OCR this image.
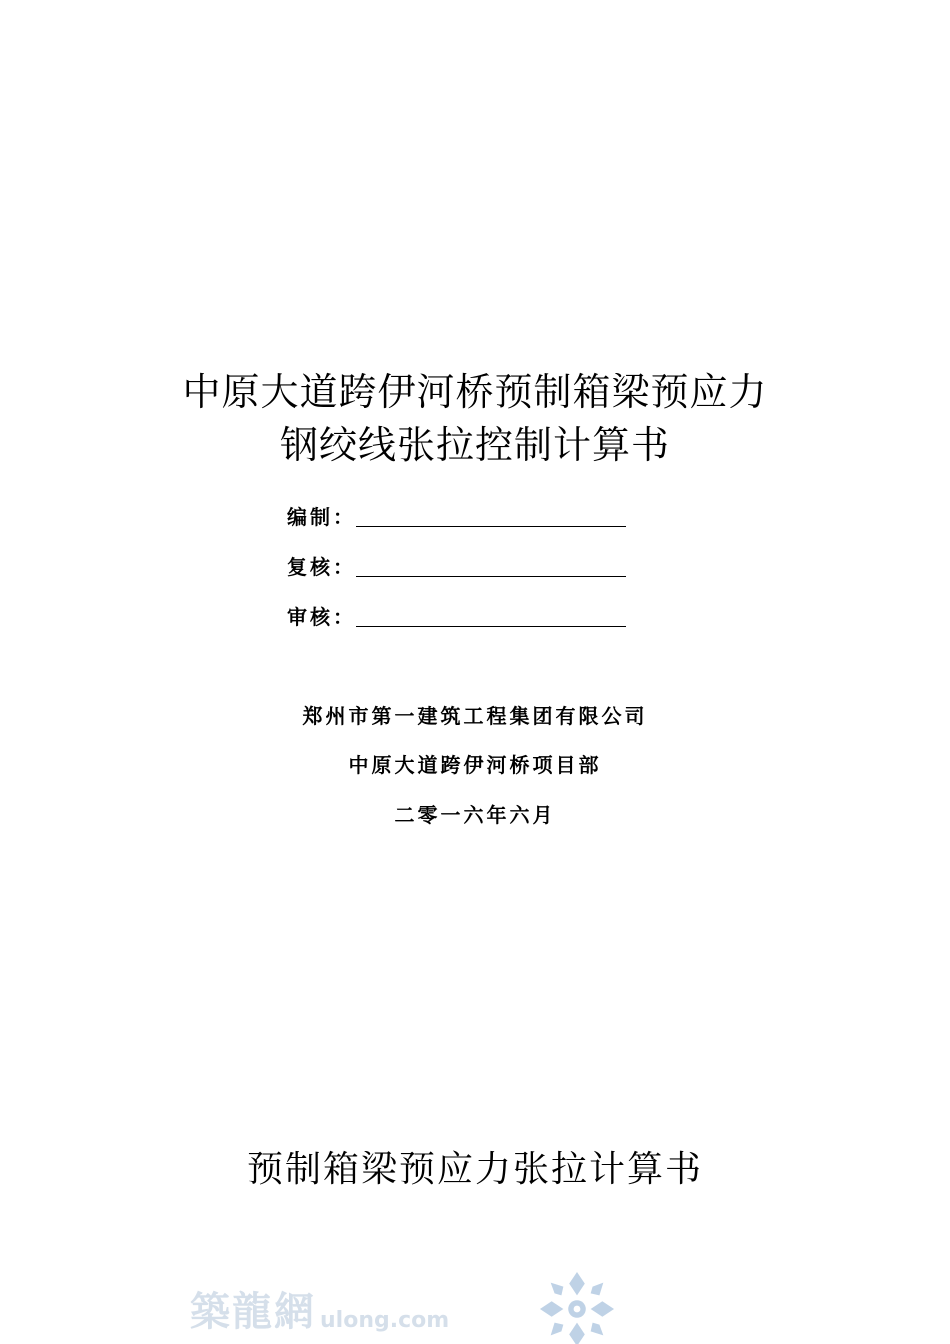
中原大道跨伊河桥预制箱梁预应力
钢绞线张拉控制计算书
编制：
复核：
审核：
郑州市第一建筑工程集团有限公司
中原大道跨伊河桥项目部
二零一六年六月
预制箱梁预应力张拉计算书
築龍網 ulong.com
